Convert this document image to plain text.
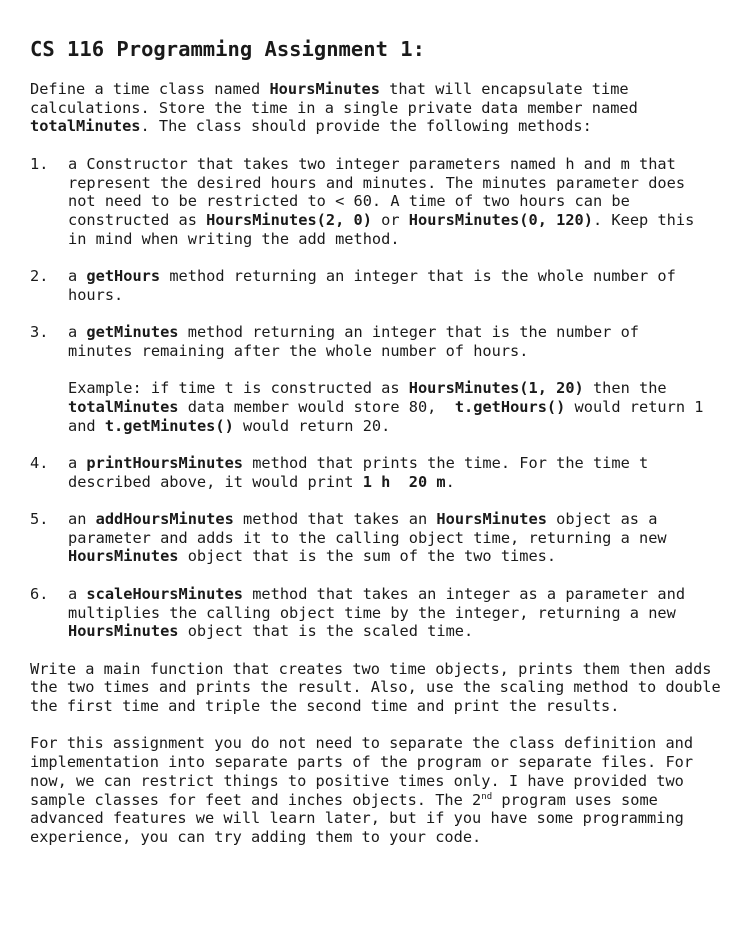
CS 116 Programming Assignment 1:

Define a time class named HoursMinutes that will encapsulate time calculations. Store the time in a single private data member named totalMinutes. The class should provide the following methods:

1.	a Constructor that takes two integer parameters named h and m that represent the desired hours and minutes. The minutes parameter does not need to be restricted to < 60. A time of two hours can be constructed as HoursMinutes(2, 0) or HoursMinutes(0, 120). Keep this in mind when writing the add method.
2.	a getHours method returning an integer that is the whole number of hours.
3.	a getMinutes method returning an integer that is the number of minutes remaining after the whole number of hours.
Example: if time t is constructed as HoursMinutes(1, 20) then the totalMinutes data member would store 80,  t.getHours() would return 1 and t.getMinutes() would return 20.
4.	a printHoursMinutes method that prints the time. For the time t described above, it would print 1 h  20 m.
5.	an addHoursMinutes method that takes an HoursMinutes object as a parameter and adds it to the calling object time, returning a new HoursMinutes object that is the sum of the two times.
6.	a scaleHoursMinutes method that takes an integer as a parameter and multiplies the calling object time by the integer, returning a new HoursMinutes object that is the scaled time.

Write a main function that creates two time objects, prints them then adds the two times and prints the result. Also, use the scaling method to double the first time and triple the second time and print the results.

For this assignment you do not need to separate the class definition and implementation into separate parts of the program or separate files. For now, we can restrict things to positive times only. I have provided two sample classes for feet and inches objects. The 2nd program uses some advanced features we will learn later, but if you have some programming experience, you can try adding them to your code.
